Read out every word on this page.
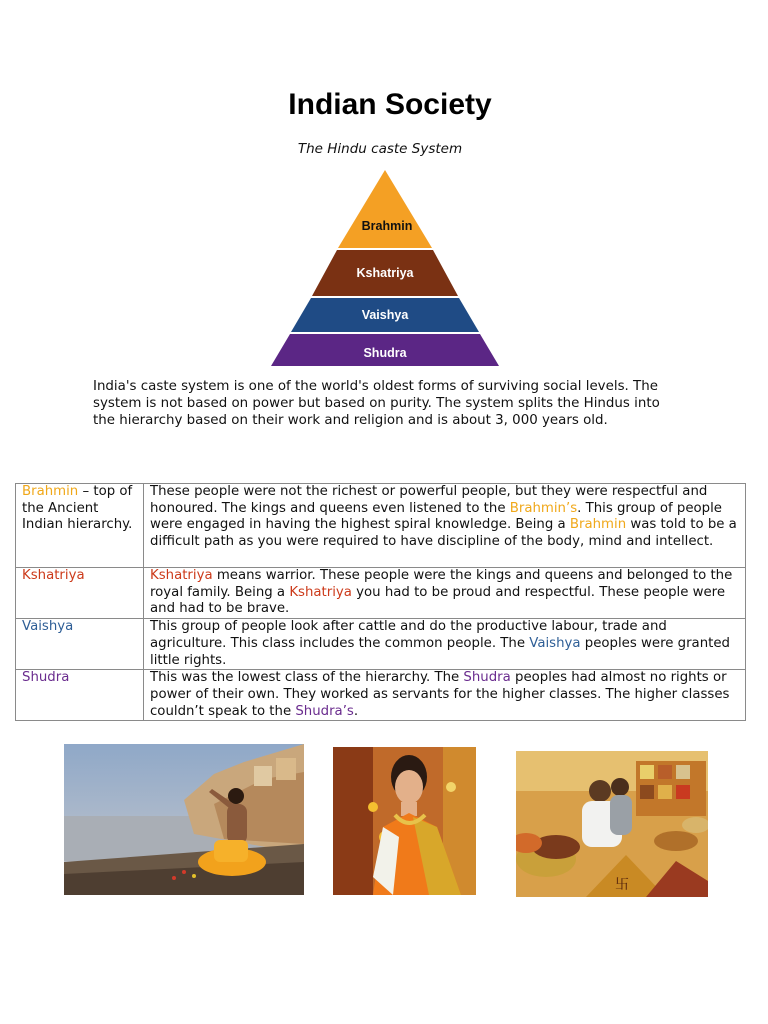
Indian Society
The Hindu caste System
Brahmin
Kshatriya
Vaishya
Shudra
India's caste system is one of the world's oldest forms of surviving social levels. The system is not based on power but based on purity. The system splits the Hindus into the hierarchy based on their work and religion and is about 3, 000 years old.
Brahmin – top of the Ancient Indian hierarchy.	These people were not the richest or powerful people, but they were respectful and honoured. The kings and queens even listened to the Brahmin’s. This group of people were engaged in having the highest spiral knowledge. Being a Brahmin was told to be a difficult path as you were required to have discipline of the body, mind and intellect.
Kshatriya	Kshatriya means warrior. These people were the kings and queens and belonged to the royal family. Being a Kshatriya you had to be proud and respectful. These people were and had to be brave.
Vaishya	This group of people look after cattle and do the productive labour, trade and agriculture. This class includes the common people. The Vaishya peoples were granted little rights.
Shudra	This was the lowest class of the hierarchy. The Shudra peoples had almost no rights or power of their own. They worked as servants for the higher classes. The higher classes couldn’t speak to the Shudra’s.
卐
